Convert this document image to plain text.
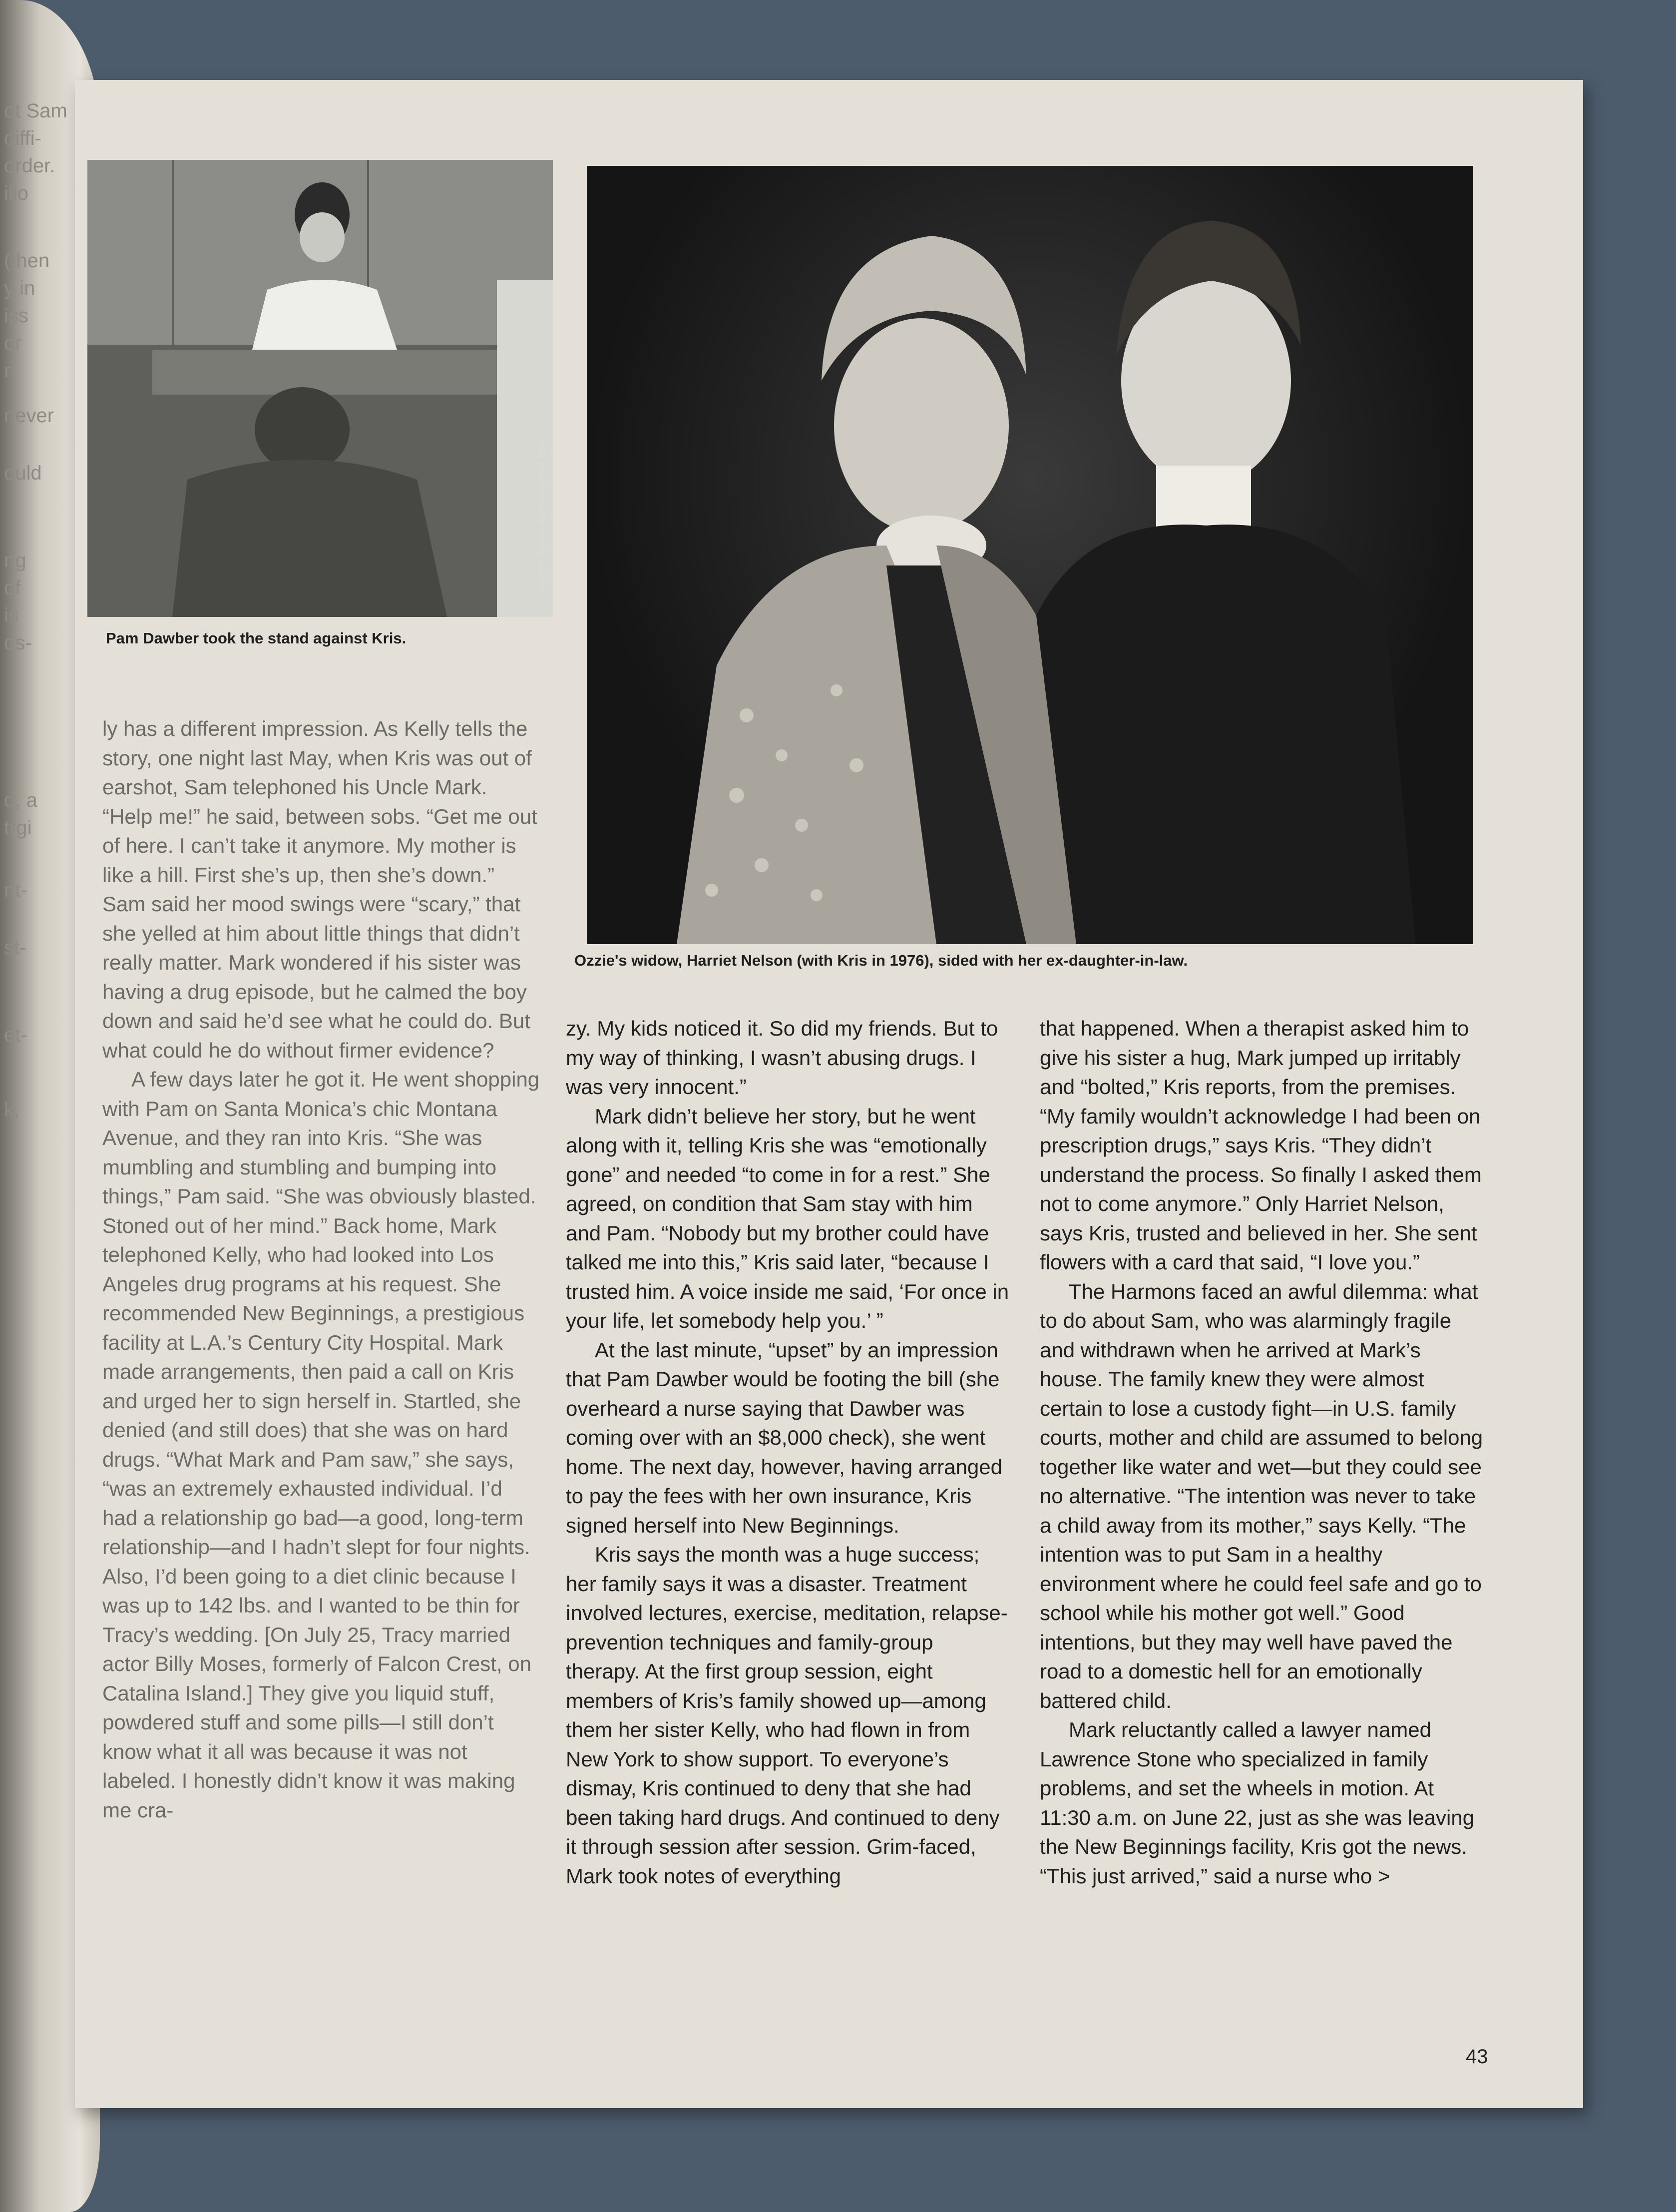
ot Sam
diffi-
order.
illo
(then
y in
iss
or
r.
never
ould
ng
of
is
ds-
d, a
trgi
nt-
st-
et-
k,
PHIL RAMEY/RAMEY PHOTO AGENCY
Pam Dawber took the stand against Kris.
Ozzie's widow, Harriet Nelson (with Kris in 1976), sided with her ex-daughter-in-law.

ly has a different impression. As Kelly tells the story, one night last May, when Kris was out of earshot, Sam telephoned his Uncle Mark. “Help me!” he said, between sobs. “Get me out of here. I can’t take it anymore. My mother is like a hill. First she’s up, then she’s down.” Sam said her mood swings were “scary,” that she yelled at him about little things that didn’t really matter. Mark wondered if his sister was having a drug episode, but he calmed the boy down and said he’d see what he could do. But what could he do without firmer evidence?

A few days later he got it. He went shopping with Pam on Santa Monica’s chic Montana Avenue, and they ran into Kris. “She was mumbling and stumbling and bumping into things,” Pam said. “She was obviously blasted. Stoned out of her mind.” Back home, Mark telephoned Kelly, who had looked into Los Angeles drug programs at his request. She recommended New Beginnings, a prestigious facility at L.A.’s Century City Hospital. Mark made arrangements, then paid a call on Kris and urged her to sign herself in. Startled, she denied (and still does) that she was on hard drugs. “What Mark and Pam saw,” she says, “was an extremely exhausted individual. I’d had a relationship go bad—a good, long-term relationship—and I hadn’t slept for four nights. Also, I’d been going to a diet clinic because I was up to 142 lbs. and I wanted to be thin for Tracy’s wedding. [On July 25, Tracy married actor Billy Moses, formerly of Falcon Crest, on Catalina Island.] They give you liquid stuff, powdered stuff and some pills—I still don’t know what it all was because it was not labeled. I honestly didn’t know it was making me cra-

zy. My kids noticed it. So did my friends. But to my way of thinking, I wasn’t abusing drugs. I was very innocent.”

Mark didn’t believe her story, but he went along with it, telling Kris she was “emotionally gone” and needed “to come in for a rest.” She agreed, on condition that Sam stay with him and Pam. “Nobody but my brother could have talked me into this,” Kris said later, “because I trusted him. A voice inside me said, ‘For once in your life, let somebody help you.’ ”

At the last minute, “upset” by an impression that Pam Dawber would be footing the bill (she overheard a nurse saying that Dawber was coming over with an $8,000 check), she went home. The next day, however, having arranged to pay the fees with her own insurance, Kris signed herself into New Beginnings.

Kris says the month was a huge success; her family says it was a disaster. Treatment involved lectures, exercise, meditation, relapse-prevention techniques and family-group therapy. At the first group session, eight members of Kris’s family showed up—among them her sister Kelly, who had flown in from New York to show support. To everyone’s dismay, Kris continued to deny that she had been taking hard drugs. And continued to deny it through session after session. Grim-faced, Mark took notes of everything

that happened. When a therapist asked him to give his sister a hug, Mark jumped up irritably and “bolted,” Kris reports, from the premises. “My family wouldn’t acknowledge I had been on prescription drugs,” says Kris. “They didn’t understand the process. So finally I asked them not to come anymore.” Only Harriet Nelson, says Kris, trusted and believed in her. She sent flowers with a card that said, “I love you.”

The Harmons faced an awful dilemma: what to do about Sam, who was alarmingly fragile and withdrawn when he arrived at Mark’s house. The family knew they were almost certain to lose a custody fight—in U.S. family courts, mother and child are assumed to belong together like water and wet—but they could see no alternative. “The intention was never to take a child away from its mother,” says Kelly. “The intention was to put Sam in a healthy environment where he could feel safe and go to school while his mother got well.” Good intentions, but they may well have paved the road to a domestic hell for an emotionally battered child.

Mark reluctantly called a lawyer named Lawrence Stone who specialized in family problems, and set the wheels in motion. At 11:30 a.m. on June 22, just as she was leaving the New Beginnings facility, Kris got the news. “This just arrived,” said a nurse who >

43
